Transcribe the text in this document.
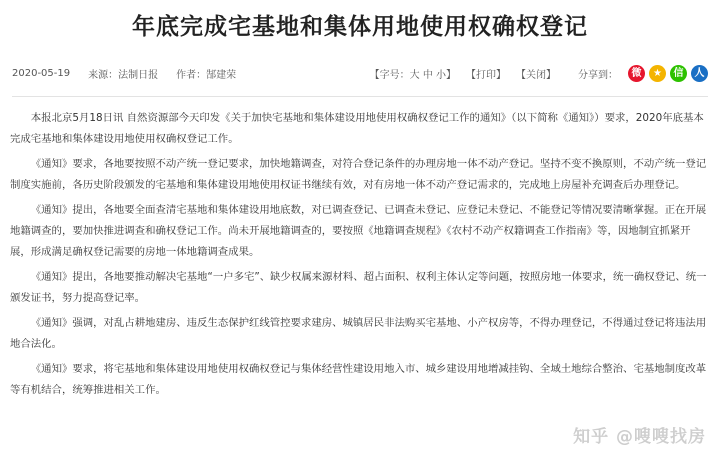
年底完成宅基地和集体用地使用权确权登记
2020-05-19 来源：法制日报 作者：郜建荣	【字号：大 中 小】 【打印】 【关闭】 分享到：	微 ★ 信 人

本报北京5月18日讯 自然资源部今天印发《关于加快宅基地和集体建设用地使用权确权登记工作的通知》（以下简称《通知》）要求，2020年底基本完成宅基地和集体建设用地使用权确权登记工作。

《通知》要求，各地要按照不动产统一登记要求，加快地籍调查，对符合登记条件的办理房地一体不动产登记。坚持不变不換原则，不动产统一登记制度实施前，各历史阶段颁发的宅基地和集体建设用地使用权证书继续有效，对有房地一体不动产登记需求的，完成地上房屋补充调查后办理登记。

《通知》提出，各地要全面查清宅基地和集体建设用地底数，对已调查登记、已调查未登记、应登记未登记、不能登记等情况要清晰掌握。正在开展地籍调查的，要加快推进调查和确权登记工作。尚未开展地籍调查的，要按照《地籍调查规程》《农村不动产权籍调查工作指南》等，因地制宜抓紧开展，形成满足确权登记需要的房地一体地籍调查成果。

《通知》提出，各地要推动解决宅基地“一户多宅”、缺少权属来源材料、超占面积、权利主体认定等问题，按照房地一体要求，统一确权登记、统一颁发证书，努力提高登记率。

《通知》强调，对乱占耕地建房、违反生态保护红线管控要求建房、城镇居民非法购买宅基地、小产权房等，不得办理登记，不得通过登记将违法用地合法化。

《通知》要求，将宅基地和集体建设用地使用权确权登记与集体经营性建设用地入市、城乡建设用地增减挂钩、全域土地综合整治、宅基地制度改革等有机结合，统筹推进相关工作。

知乎 @嗖嗖找房
